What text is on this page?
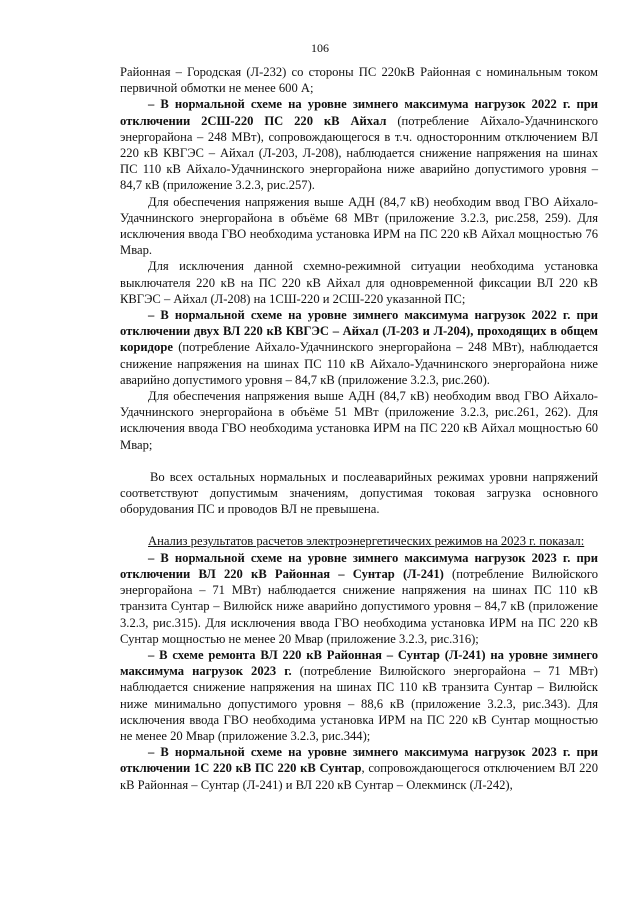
106

Районная – Городская (Л-232) со стороны ПС 220кВ Районная с номинальным током первичной обмотки не менее 600 А;

– В нормальной схеме на уровне зимнего максимума нагрузок 2022 г. при отключении 2СШ-220 ПС 220 кВ Айхал (потребление Айхало-Удачнинского энергорайона – 248 МВт), сопровождающегося в т.ч. односторонним отключением ВЛ 220 кВ КВГЭС – Айхал (Л-203, Л-208), наблюдается снижение напряжения на шинах ПС 110 кВ Айхало-Удачнинского энергорайона ниже аварийно допустимого уровня – 84,7 кВ (приложение 3.2.3, рис.257).

Для обеспечения напряжения выше АДН (84,7 кВ) необходим ввод ГВО Айхало-Удачнинского энергорайона в объёме 68 МВт (приложение 3.2.3, рис.258, 259). Для исключения ввода ГВО необходима установка ИРМ на ПС 220 кВ Айхал мощностью 76 Мвар.

Для исключения данной схемно-режимной ситуации необходима установка выключателя 220 кВ на ПС 220 кВ Айхал для одновременной фиксации ВЛ 220 кВ КВГЭС – Айхал (Л-208) на 1СШ-220 и 2СШ-220 указанной ПС;

– В нормальной схеме на уровне зимнего максимума нагрузок 2022 г. при отключении двух ВЛ 220 кВ КВГЭС – Айхал (Л-203 и Л-204), проходящих в общем коридоре (потребление Айхало-Удачнинского энергорайона – 248 МВт), наблюдается снижение напряжения на шинах ПС 110 кВ Айхало-Удачнинского энергорайона ниже аварийно допустимого уровня – 84,7 кВ (приложение 3.2.3, рис.260).

Для обеспечения напряжения выше АДН (84,7 кВ) необходим ввод ГВО Айхало-Удачнинского энергорайона в объёме 51 МВт (приложение 3.2.3, рис.261, 262). Для исключения ввода ГВО необходима установка ИРМ на ПС 220 кВ Айхал мощностью 60 Мвар;

Во всех остальных нормальных и послеаварийных режимах уровни напряжений соответствуют допустимым значениям, допустимая токовая загрузка основного оборудования ПС и проводов ВЛ не превышена.

Анализ результатов расчетов электроэнергетических режимов на 2023 г. показал:

– В нормальной схеме на уровне зимнего максимума нагрузок 2023 г. при отключении ВЛ 220 кВ Районная – Сунтар (Л-241) (потребление Вилюйского энергорайона – 71 МВт) наблюдается снижение напряжения на шинах ПС 110 кВ транзита Сунтар – Вилюйск ниже аварийно допустимого уровня – 84,7 кВ (приложение 3.2.3, рис.315). Для исключения ввода ГВО необходима установка ИРМ на ПС 220 кВ Сунтар мощностью не менее 20 Мвар (приложение 3.2.3, рис.316);

– В схеме ремонта ВЛ 220 кВ Районная – Сунтар (Л-241) на уровне зимнего максимума нагрузок 2023 г. (потребление Вилюйского энергорайона – 71 МВт) наблюдается снижение напряжения на шинах ПС 110 кВ транзита Сунтар – Вилюйск ниже минимально допустимого уровня – 88,6 кВ (приложение 3.2.3, рис.343). Для исключения ввода ГВО необходима установка ИРМ на ПС 220 кВ Сунтар мощностью не менее 20 Мвар (приложение 3.2.3, рис.344);

– В нормальной схеме на уровне зимнего максимума нагрузок 2023 г. при отключении 1С 220 кВ ПС 220 кВ Сунтар, сопровождающегося отключением ВЛ 220 кВ Районная – Сунтар (Л-241) и ВЛ 220 кВ Сунтар – Олекминск (Л-242),
